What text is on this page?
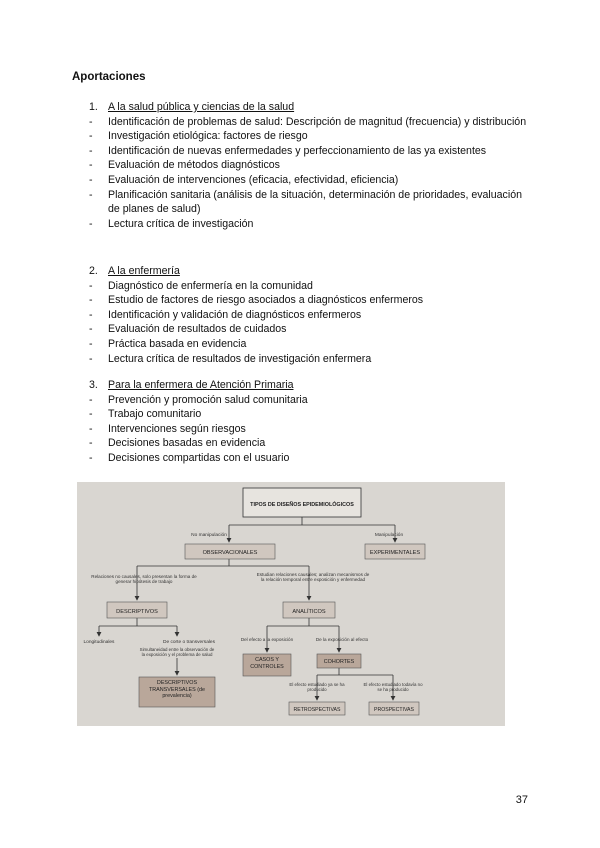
Aportaciones
1. A la salud pública y ciencias de la salud
- Identificación de problemas de salud: Descripción de magnitud (frecuencia) y distribución
- Investigación etiológica: factores de riesgo
- Identificación de nuevas enfermedades y perfeccionamiento de las ya existentes
- Evaluación de métodos diagnósticos
- Evaluación de intervenciones (eficacia, efectividad, eficiencia)
- Planificación sanitaria (análisis de la situación, determinación de prioridades, evaluación de planes de salud)
- Lectura crítica de investigación
2. A la enfermería
- Diagnóstico de enfermería en la comunidad
- Estudio de factores de riesgo asociados a diagnósticos enfermeros
- Identificación y validación de diagnósticos enfermeros
- Evaluación de resultados de cuidados
- Práctica basada en evidencia
- Lectura crítica de resultados de investigación enfermera
3. Para la enfermera de Atención Primaria
- Prevención y promoción salud comunitaria
- Trabajo comunitario
- Intervenciones según riesgos
- Decisiones basadas en evidencia
- Decisiones compartidas con el usuario
TIPOS DE DISEÑOS EPIDEMIOLÓGICOS
No manipulación	Manipulación
OBSERVACIONALES	EXPERIMENTALES
Relaciones no causales, solo presentan la forma de generar hipótesis de trabajo
Estudian relaciones causales; analizan mecanismos de la relación temporal entre exposición y enfermedad
DESCRIPTIVOS	ANALÍTICOS
Longitudinales	De corte o transversales
Simultaneidad entre la observación de la exposición y el problema de salud
DESCRIPTIVOS TRANSVERSALES (de prevalencia)
Del efecto a la exposición	De la exposición al efecto
CASOS Y CONTROLES
COHORTES
El efecto estudiado ya se ha producido
El efecto estudiado todavía no se ha producido
RETROSPECTIVAS	PROSPECTIVAS
37
